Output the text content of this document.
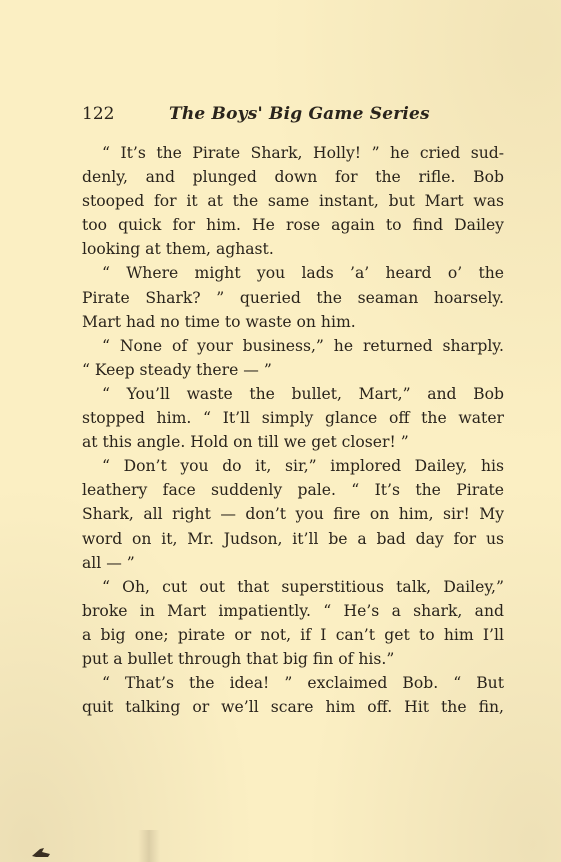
122	The Boys' Big Game Series
“ It’s the Pirate Shark, Holly! ” he cried sud-
denly, and plunged down for the rifle. Bob
stooped for it at the same instant, but Mart was
too quick for him. He rose again to find Dailey
looking at them, aghast.
“ Where might you lads ’a’ heard o’ the
Pirate Shark? ” queried the seaman hoarsely.
Mart had no time to waste on him.
“ None of your business,” he returned sharply.
“ Keep steady there — ”
“ You’ll waste the bullet, Mart,” and Bob
stopped him. “ It’ll simply glance off the water
at this angle. Hold on till we get closer! ”
“ Don’t you do it, sir,” implored Dailey, his
leathery face suddenly pale. “ It’s the Pirate
Shark, all right — don’t you fire on him, sir! My
word on it, Mr. Judson, it’ll be a bad day for us
all — ”
“ Oh, cut out that superstitious talk, Dailey,”
broke in Mart impatiently. “ He’s a shark, and
a big one; pirate or not, if I can’t get to him I’ll
put a bullet through that big fin of his.”
“ That’s the idea! ” exclaimed Bob. “ But
quit talking or we’ll scare him off. Hit the fin,
